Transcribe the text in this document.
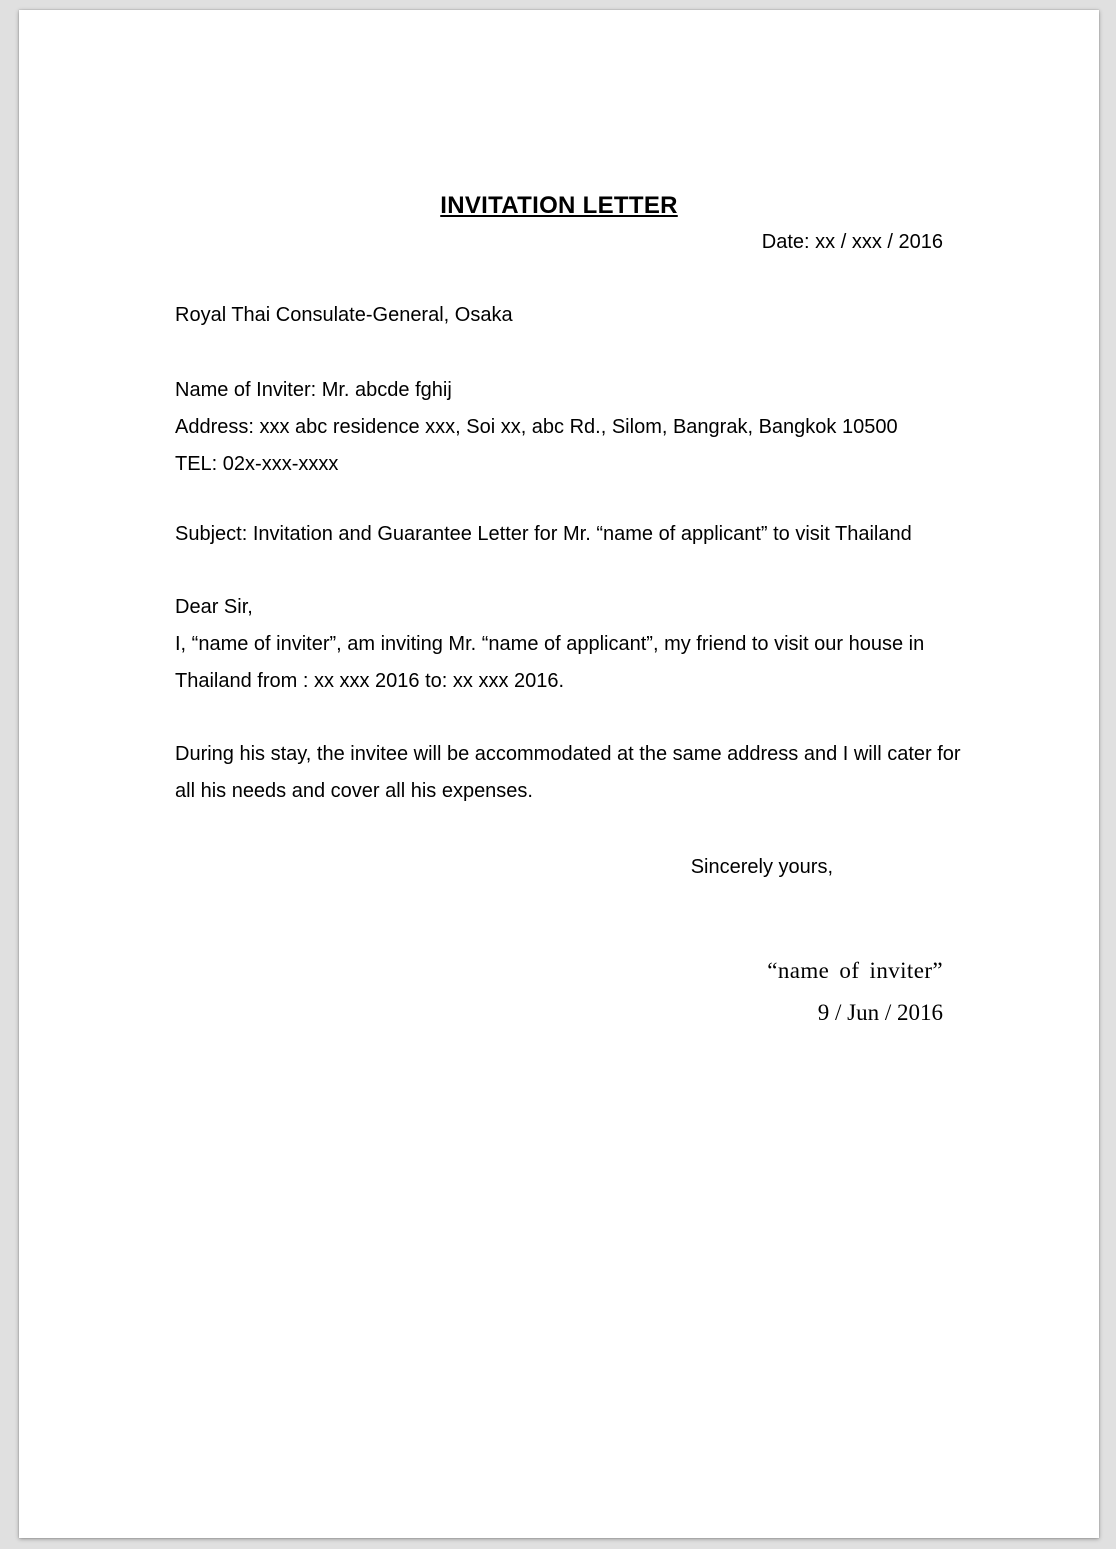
INVITATION LETTER
Date: xx / xxx / 2016
Royal Thai Consulate-General, Osaka
Name of Inviter: Mr. abcde fghij
Address: xxx abc residence xxx, Soi xx, abc Rd., Silom, Bangrak, Bangkok 10500
TEL: 02x-xxx-xxxx
Subject: Invitation and Guarantee Letter for Mr. “name of applicant” to visit Thailand
Dear Sir,
I, “name of inviter”, am inviting Mr. “name of applicant”, my friend to visit our house in
Thailand from : xx xxx 2016 to: xx xxx 2016.
During his stay, the invitee will be accommodated at the same address and I will cater for
all his needs and cover all his expenses.
Sincerely yours,
“name of inviter”
9 / Jun / 2016
